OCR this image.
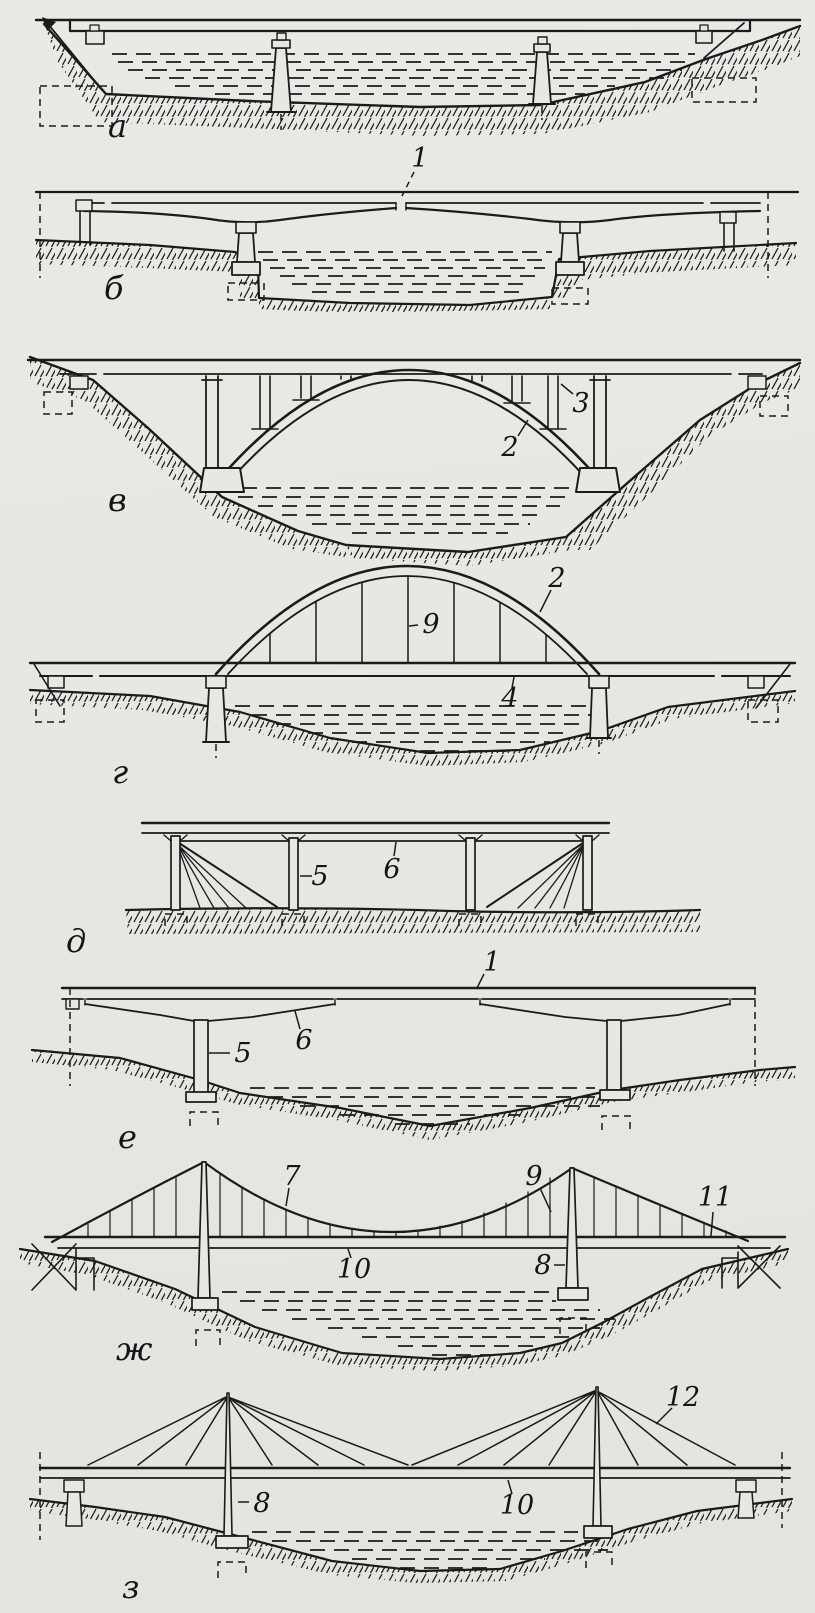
а
1
б
2
3
в
2
9
4
г
5 6
д
1
6
5
е
7	9
11
10	8
ж
12
8	10
з
